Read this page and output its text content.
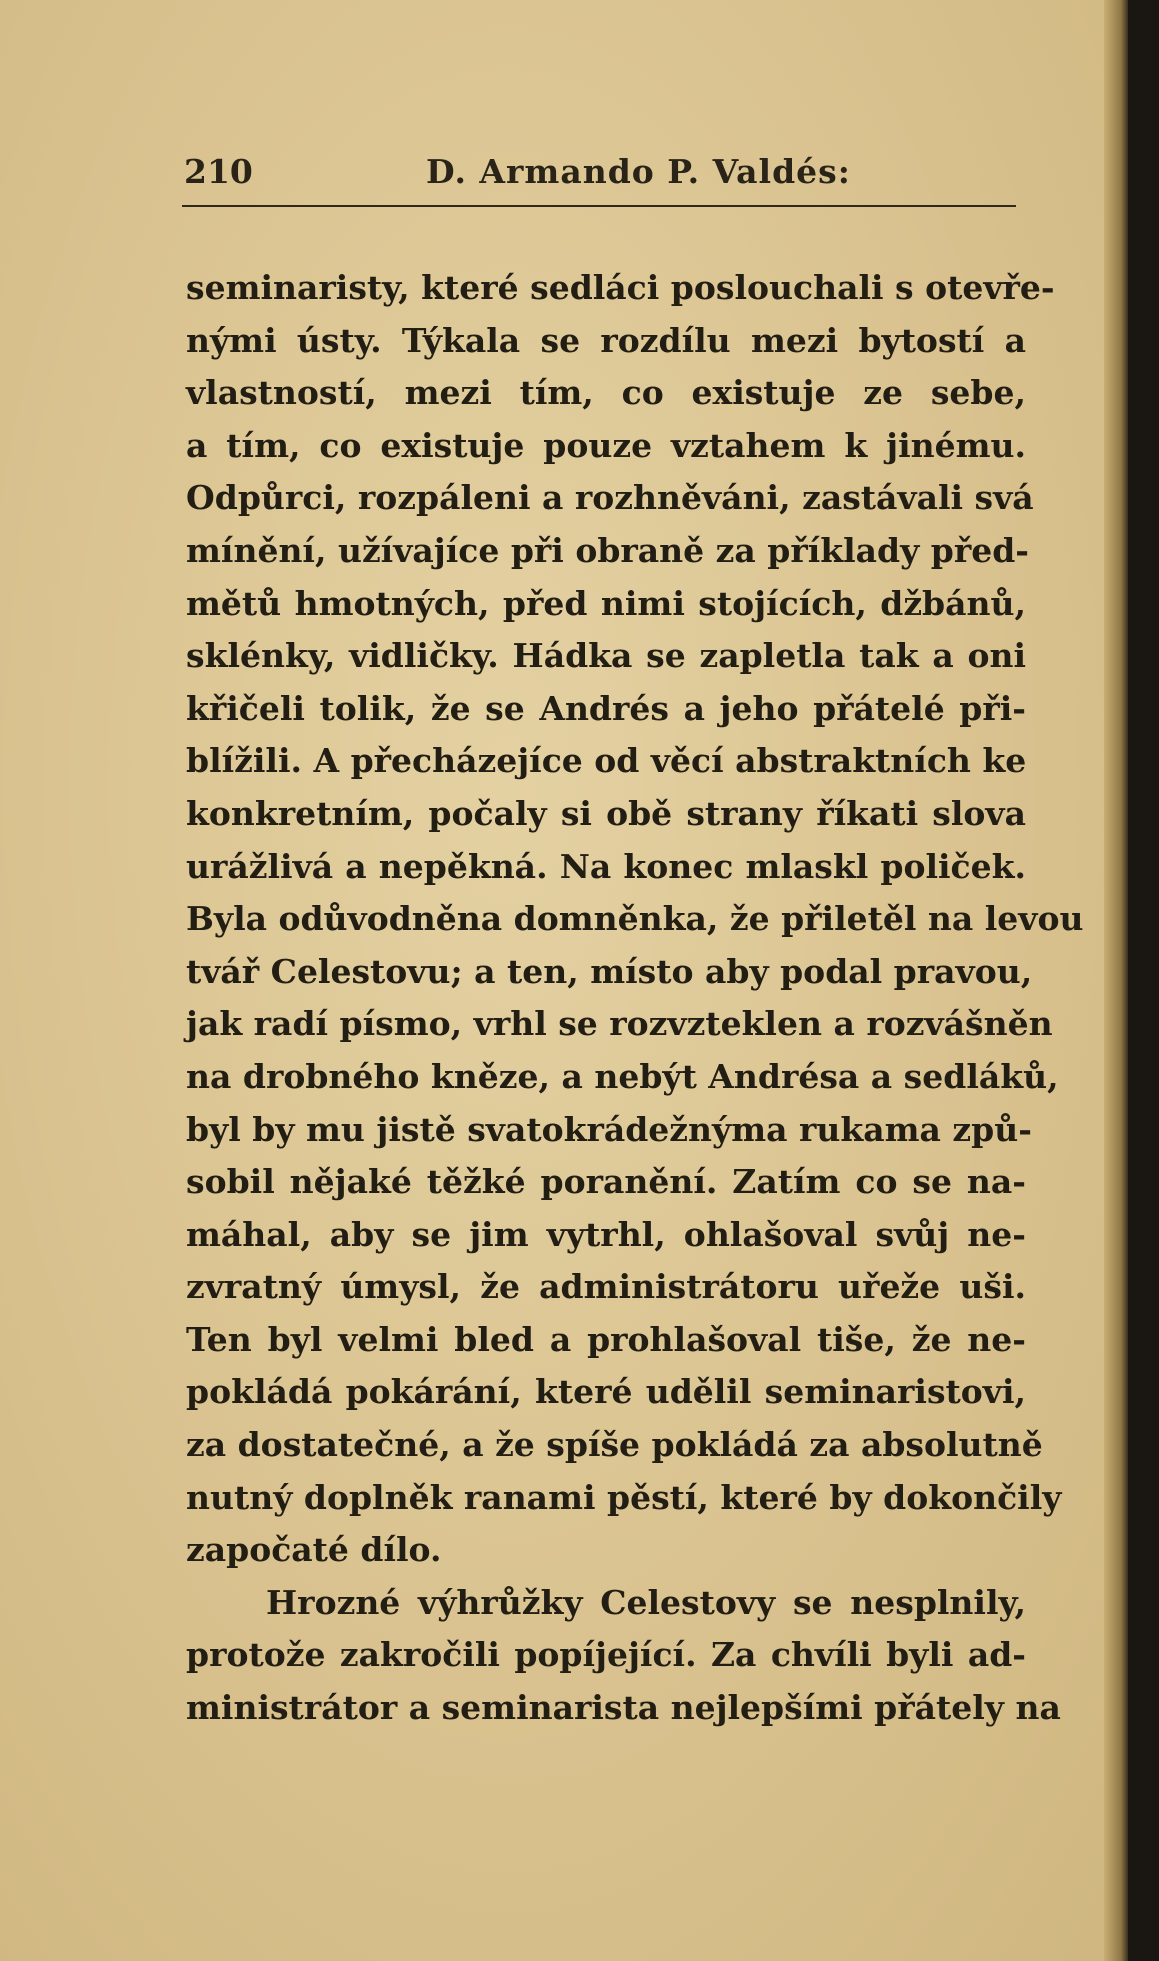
210	D. Armando P. Valdés:
seminaristy, které sedláci poslouchali s otevře-
nými ústy. Týkala se rozdílu mezi bytostí a
vlastností, mezi tím, co existuje ze sebe,
a tím, co existuje pouze vztahem k jinému.
Odpůrci, rozpáleni a rozhněváni, zastávali svá
mínění, užívajíce při obraně za příklady před-
mětů hmotných, před nimi stojících, džbánů,
sklénky, vidličky. Hádka se zapletla tak a oni
křičeli tolik, že se Andrés a jeho přátelé při-
blížili. A přecházejíce od věcí abstraktních ke
konkretním, počaly si obě strany říkati slova
urážlivá a nepěkná. Na konec mlaskl poliček.
Byla odůvodněna domněnka, že přiletěl na levou
tvář Celestovu; a ten, místo aby podal pravou,
jak radí písmo, vrhl se rozvzteklen a rozvášněn
na drobného kněze, a nebýt Andrésa a sedláků,
byl by mu jistě svatokrádežnýma rukama způ-
sobil nějaké těžké poranění. Zatím co se na-
máhal, aby se jim vytrhl, ohlašoval svůj ne-
zvratný úmysl, že administrátoru uřeže uši.
Ten byl velmi bled a prohlašoval tiše, že ne-
pokládá pokárání, které udělil seminaristovi,
za dostatečné, a že spíše pokládá za absolutně
nutný doplněk ranami pěstí, které by dokončily
započaté dílo.
Hrozné výhrůžky Celestovy se nesplnily,
protože zakročili popíjející. Za chvíli byli ad-
ministrátor a seminarista nejlepšími přátely na
